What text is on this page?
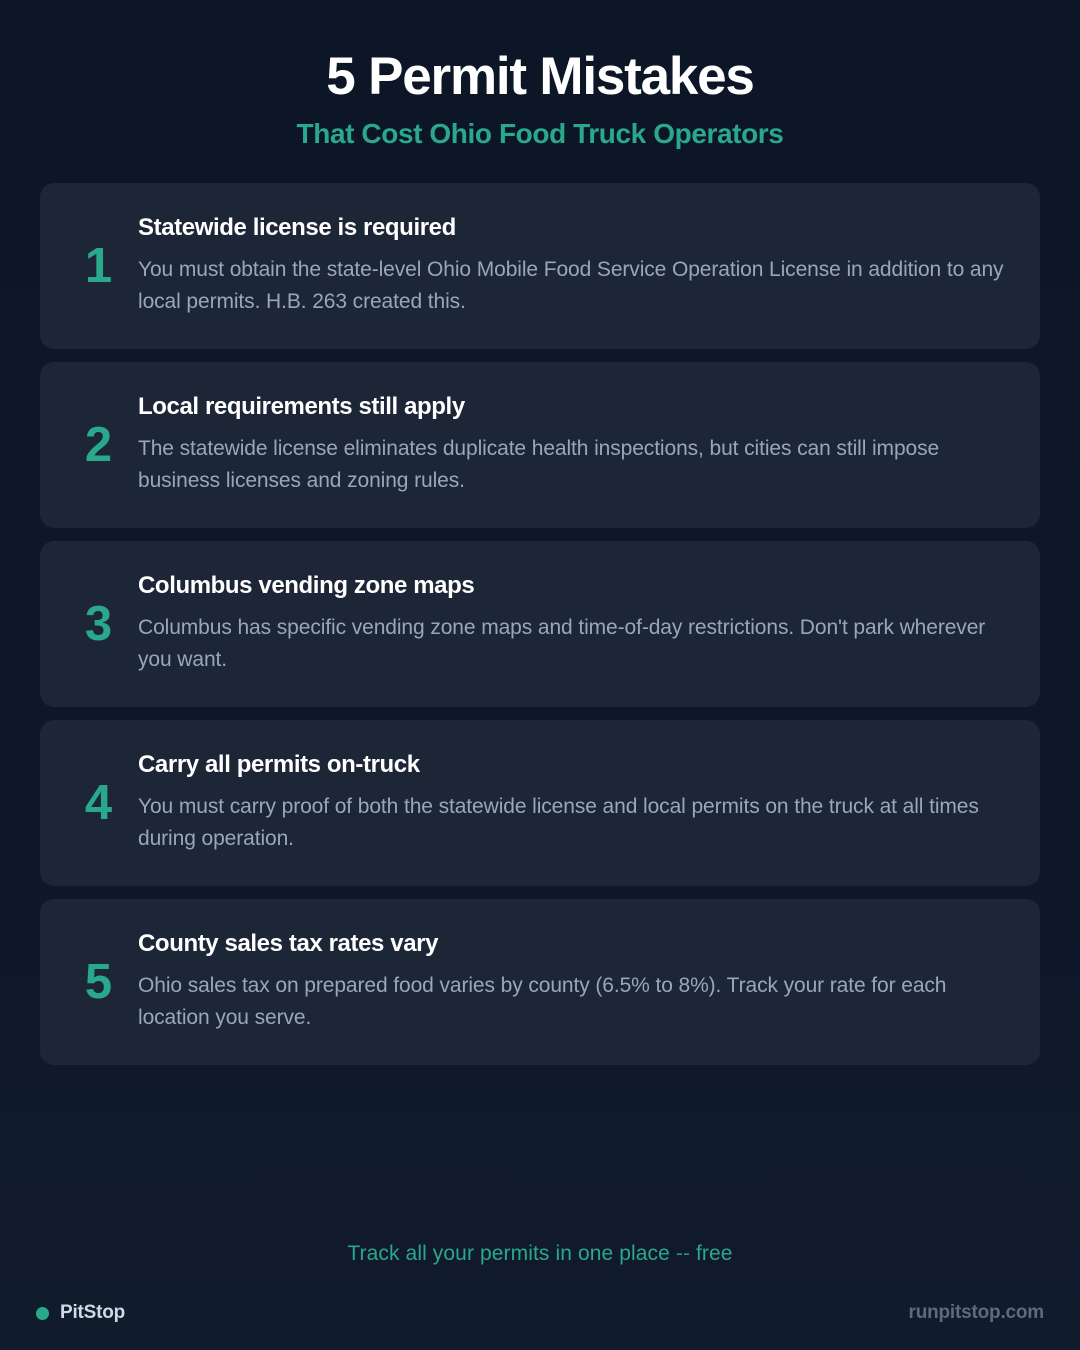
5 Permit Mistakes
That Cost Ohio Food Truck Operators
1
Statewide license is required
You must obtain the state-level Ohio Mobile Food Service Operation License in addition to any local permits. H.B. 263 created this.
2
Local requirements still apply
The statewide license eliminates duplicate health inspections, but cities can still impose business licenses and zoning rules.
3
Columbus vending zone maps
Columbus has specific vending zone maps and time-of-day restrictions. Don't park wherever you want.
4
Carry all permits on-truck
You must carry proof of both the statewide license and local permits on the truck at all times during operation.
5
County sales tax rates vary
Ohio sales tax on prepared food varies by county (6.5% to 8%). Track your rate for each location you serve.
Track all your permits in one place -- free
PitStop	runpitstop.com
